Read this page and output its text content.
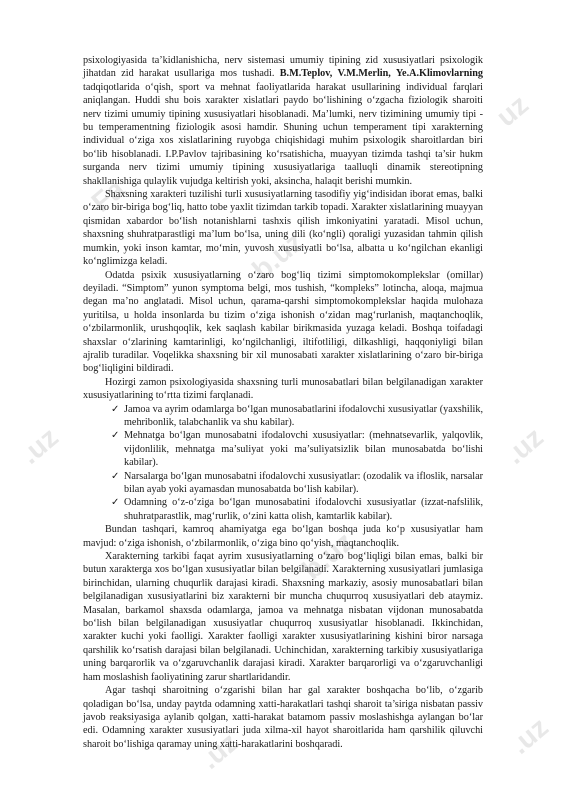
Fa
uz
b.uz
.uz
b.uz
.uz
.uz	.uz

psixologiyasida ta’kidlanishicha, nerv sistemasi umumiy tipining zid xususiyatlari psixologik jihatdan zid harakat usullariga mos tushadi. B.M.Teplov, V.M.Merlin, Ye.A.Klimovlarning tadqiqotlarida o‘qish, sport va mehnat faoliyatlarida harakat usullarining individual farqlari aniqlangan. Huddi shu bois xarakter xislatlari paydo bo‘lishining o‘zgacha fiziologik sharoiti nerv tizimi umumiy tipining xususiyatlari hisoblanadi. Ma’lumki, nerv tizimining umumiy tipi - bu temperamentning fiziologik asosi hamdir. Shuning uchun temperament tipi xarakterning individual o‘ziga xos xislatlarining ruyobga chiqishidagi muhim psixologik sharoitlardan biri bo‘lib hisoblanadi. I.P.Pavlov tajribasining ko‘rsatishicha, muayyan tizimda tashqi ta’sir hukm surganda nerv tizimi umumiy tipining xususiyatlariga taalluqli dinamik stereotipning shakllanishiga qulaylik vujudga keltirish yoki, aksincha, halaqit berishi mumkin.

Shaxsning xarakteri tuzilishi turli xususiyatlarning tasodifiy yig‘indisidan iborat emas, balki o‘zaro bir-biriga bog‘liq, hatto tobe yaxlit tizimdan tarkib topadi. Xarakter xislatlarining muayyan qismidan xabardor bo‘lish notanishlarni tashxis qilish imkoniyatini yaratadi. Misol uchun, shaxsning shuhratparastligi ma’lum bo‘lsa, uning dili (ko‘ngli) qoraligi yuzasidan tahmin qilish mumkin, yoki inson kamtar, mo‘min, yuvosh xususiyatli bo‘lsa, albatta u ko‘ngilchan ekanligi ko‘nglimizga keladi.

Odatda psixik xususiyatlarning o‘zaro bog‘liq tizimi simptomokomplekslar (omillar) deyiladi. “Simptom” yunon symptoma belgi, mos tushish, “kompleks” lotincha, aloqa, majmua degan ma’no anglatadi. Misol uchun, qarama-qarshi simptomokomplekslar haqida mulohaza yuritilsa, u holda insonlarda bu tizim o‘ziga ishonish o‘zidan mag‘rurlanish, maqtanchoqlik, o‘zbilarmonlik, urushqoqlik, kek saqlash kabilar birikmasida yuzaga keladi. Boshqa toifadagi shaxslar o‘zlarining kamtarinligi, ko‘ngilchanligi, iltifotliligi, dilkashligi, haqqoniyligi bilan ajralib turadilar. Voqelikka shaxsning bir xil munosabati xarakter xislatlarining o‘zaro bir-biriga bog‘liqligini bildiradi.

Hozirgi zamon psixologiyasida shaxsning turli munosabatlari bilan belgilanadigan xarakter xususiyatlarining to‘rtta tizimi farqlanadi.

✓ Jamoa va ayrim odamlarga bo‘lgan munosabatlarini ifodalovchi xususiyatlar (yaxshilik, mehribonlik, talabchanlik va shu kabilar).
✓ Mehnatga bo‘lgan munosabatni ifodalovchi xususiyatlar: (mehnatsevarlik, yalqovlik, vijdonlilik, mehnatga ma’suliyat yoki ma’suliyatsizlik bilan munosabatda bo‘lishi kabilar).
✓ Narsalarga bo‘lgan munosabatni ifodalovchi xususiyatlar: (ozodalik va ifloslik, narsalar bilan ayab yoki ayamasdan munosabatda bo‘lish kabilar).
✓ Odamning o‘z-o‘ziga bo‘lgan munosabatini ifodalovchi xususiyatlar (izzat-nafslilik, shuhratparastlik, mag‘rurlik, o‘zini katta olish, kamtarlik kabilar).

Bundan tashqari, kamroq ahamiyatga ega bo‘lgan boshqa juda ko‘p xususiyatlar ham mavjud: o‘ziga ishonish, o‘zbilarmonlik, o‘ziga bino qo‘yish, maqtanchoqlik.

Xarakterning tarkibi faqat ayrim xususiyatlarning o‘zaro bog‘liqligi bilan emas, balki bir butun xarakterga xos bo‘lgan xususiyatlar bilan belgilanadi. Xarakterning xususiyatlari jumlasiga birinchidan, ularning chuqurlik darajasi kiradi. Shaxsning markaziy, asosiy munosabatlari bilan belgilanadigan xususiyatlarini biz xarakterni bir muncha chuqurroq xususiyatlari deb ataymiz. Masalan, barkamol shaxsda odamlarga, jamoa va mehnatga nisbatan vijdonan munosabatda bo‘lish bilan belgilanadigan xususiyatlar chuqurroq xususiyatlar hisoblanadi. Ikkinchidan, xarakter kuchi yoki faolligi. Xarakter faolligi xarakter xususiyatlarining kishini biror narsaga qarshilik ko‘rsatish darajasi bilan belgilanadi. Uchinchidan, xarakterning tarkibiy xususiyatlariga uning barqarorlik va o‘zgaruvchanlik darajasi kiradi. Xarakter barqarorligi va o‘zgaruvchanligi ham moslashish faoliyatining zarur shartlaridandir.

Agar tashqi sharoitning o‘zgarishi bilan har gal xarakter boshqacha bo‘lib, o‘zgarib qoladigan bo‘lsa, unday paytda odamning xatti-harakatlari tashqi sharoit ta’siriga nisbatan passiv javob reaksiyasiga aylanib qolgan, xatti-harakat batamom passiv moslashishga aylangan bo‘lar edi. Odamning xarakter xususiyatlari juda xilma-xil hayot sharoitlarida ham qarshilik qiluvchi sharoit bo‘lishiga qaramay uning xatti-harakatlarini boshqaradi.
